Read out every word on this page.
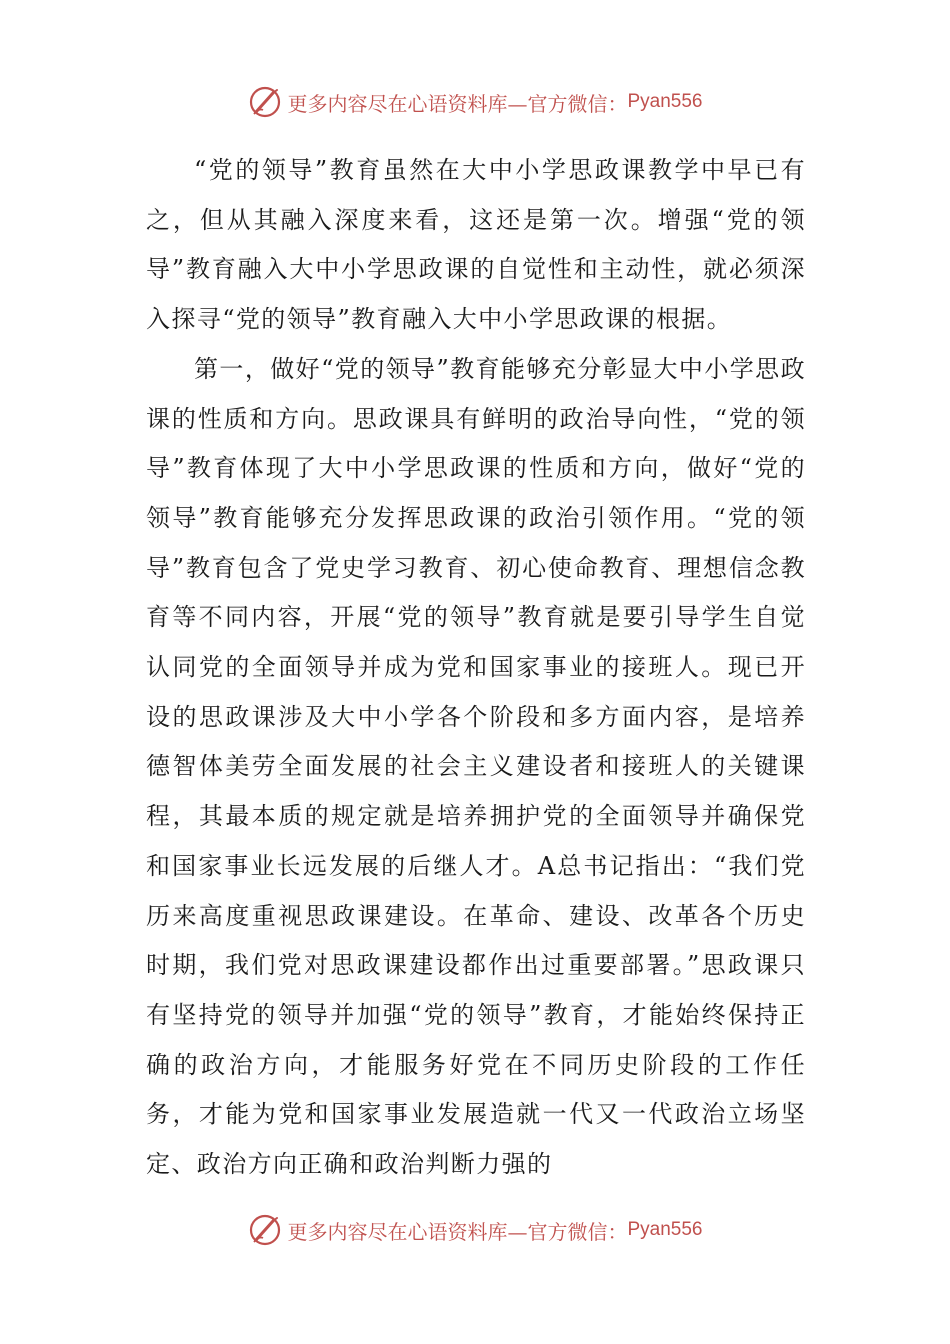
更多内容尽在心语资料库—官方微信： Pyan556

“党的领导”教育虽然在大中小学思政课教学中早已有之，但从其融入深度来看，这还是第一次。增强“党的领导”教育融入大中小学思政课的自觉性和主动性，就必须深入探寻“党的领导”教育融入大中小学思政课的根据。

第一，做好“党的领导”教育能够充分彰显大中小学思政课的性质和方向。思政课具有鲜明的政治导向性，“党的领导”教育体现了大中小学思政课的性质和方向，做好“党的领导”教育能够充分发挥思政课的政治引领作用。“党的领导”教育包含了党史学习教育、初心使命教育、理想信念教育等不同内容，开展“党的领导”教育就是要引导学生自觉认同党的全面领导并成为党和国家事业的接班人。现已开设的思政课涉及大中小学各个阶段和多方面内容，是培养德智体美劳全面发展的社会主义建设者和接班人的关键课程，其最本质的规定就是培养拥护党的全面领导并确保党和国家事业长远发展的后继人才。A总书记指出：“我们党历来高度重视思政课建设。在革命、建设、改革各个历史时期，我们党对思政课建设都作出过重要部署。”思政课只有坚持党的领导并加强“党的领导”教育，才能始终保持正确的政治方向，才能服务好党在不同历史阶段的工作任务，才能为党和国家事业发展造就一代又一代政治立场坚定、政治方向正确和政治判断力强的

更多内容尽在心语资料库—官方微信： Pyan556
